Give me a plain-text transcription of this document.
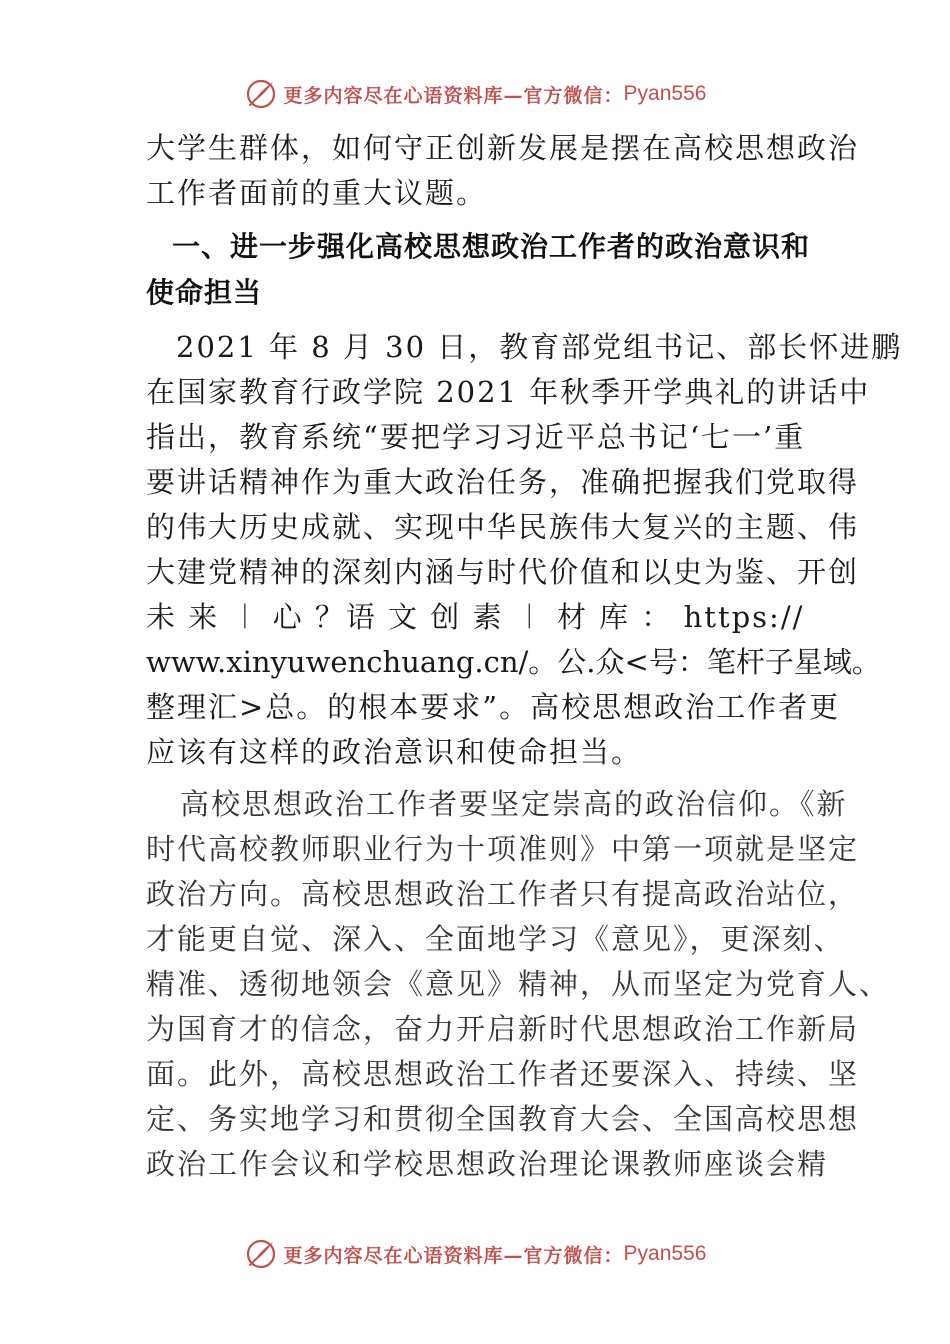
更多内容尽在心语资料库—官方微信： Pyan556
大学生群体，如何守正创新发展是摆在高校思想政治
工作者面前的重大议题。
一、进一步强化高校思想政治工作者的政治意识和
使命担当
2021 年 8 月 30 日，教育部党组书记、部长怀进鹏
在国家教育行政学院 2021 年秋季开学典礼的讲话中
指出，教育系统“要把学习习近平总书记‘七一’重
要讲话精神作为重大政治任务，准确把握我们党取得
的伟大历史成就、实现中华民族伟大复兴的主题、伟
大建党精神的深刻内涵与时代价值和以史为鉴、开创
未 来 ︱ 心 ？语 文 创 素 ︱ 材 库 ： https://
www.xinyuwenchuang.cn/。公.众<号：笔杆子星域。
整理汇>总。的根本要求”。高校思想政治工作者更
应该有这样的政治意识和使命担当。
高校思想政治工作者要坚定崇高的政治信仰。《新
时代高校教师职业行为十项准则》中第一项就是坚定
政治方向。高校思想政治工作者只有提高政治站位，
才能更自觉、深入、全面地学习《意见》，更深刻、
精准、透彻地领会《意见》精神，从而坚定为党育人、
为国育才的信念，奋力开启新时代思想政治工作新局
面。此外，高校思想政治工作者还要深入、持续、坚
定、务实地学习和贯彻全国教育大会、全国高校思想
政治工作会议和学校思想政治理论课教师座谈会精
更多内容尽在心语资料库—官方微信： Pyan556
